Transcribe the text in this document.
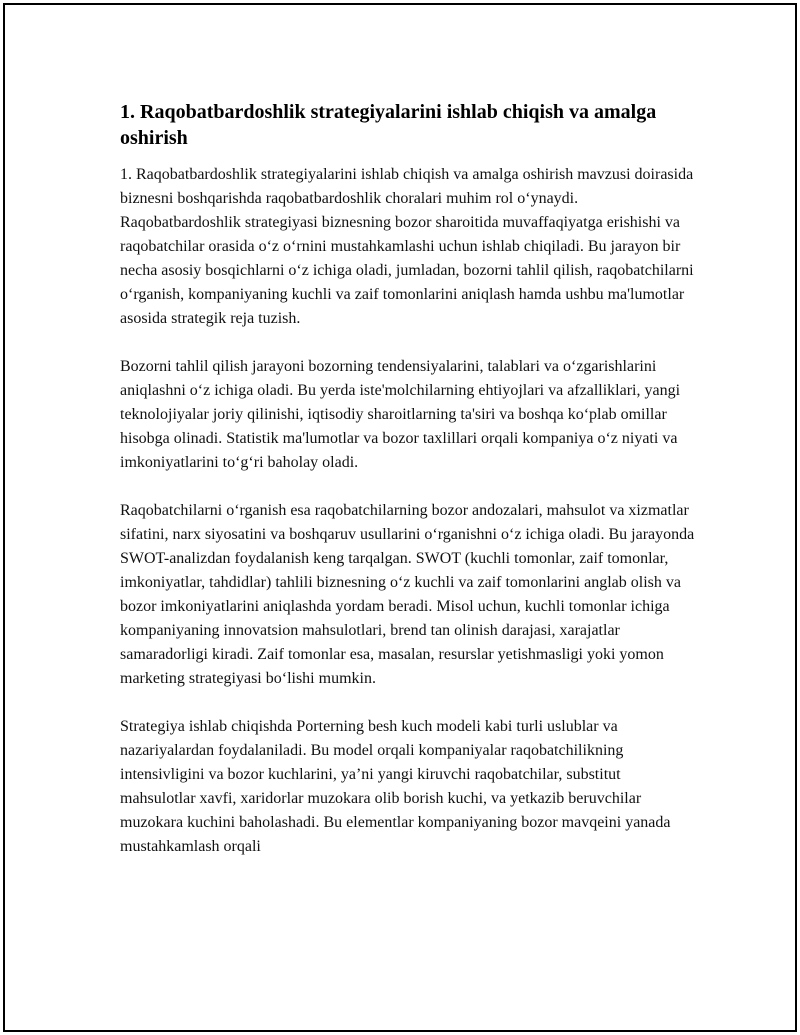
1. Raqobatbardoshlik strategiyalarini ishlab chiqish va amalga oshirish

1. Raqobatbardoshlik strategiyalarini ishlab chiqish va amalga oshirish mavzusi doirasida biznesni boshqarishda raqobatbardoshlik choralari muhim rol o‘ynaydi. Raqobatbardoshlik strategiyasi biznesning bozor sharoitida muvaffaqiyatga erishishi va raqobatchilar orasida o‘z o‘rnini mustahkamlashi uchun ishlab chiqiladi. Bu jarayon bir necha asosiy bosqichlarni o‘z ichiga oladi, jumladan, bozorni tahlil qilish, raqobatchilarni o‘rganish, kompaniyaning kuchli va zaif tomonlarini aniqlash hamda ushbu ma'lumotlar asosida strategik reja tuzish.

Bozorni tahlil qilish jarayoni bozorning tendensiyalarini, talablari va o‘zgarishlarini aniqlashni o‘z ichiga oladi. Bu yerda iste'molchilarning ehtiyojlari va afzalliklari, yangi teknolojiyalar joriy qilinishi, iqtisodiy sharoitlarning ta'siri va boshqa ko‘plab omillar hisobga olinadi. Statistik ma'lumotlar va bozor taxlillari orqali kompaniya o‘z niyati va imkoniyatlarini to‘g‘ri baholay oladi.

Raqobatchilarni o‘rganish esa raqobatchilarning bozor andozalari, mahsulot va xizmatlar sifatini, narx siyosatini va boshqaruv usullarini o‘rganishni o‘z ichiga oladi. Bu jarayonda SWOT-analizdan foydalanish keng tarqalgan. SWOT (kuchli tomonlar, zaif tomonlar, imkoniyatlar, tahdidlar) tahlili biznesning o‘z kuchli va zaif tomonlarini anglab olish va bozor imkoniyatlarini aniqlashda yordam beradi. Misol uchun, kuchli tomonlar ichiga kompaniyaning innovatsion mahsulotlari, brend tan olinish darajasi, xarajatlar samaradorligi kiradi. Zaif tomonlar esa, masalan, resurslar yetishmasligi yoki yomon marketing strategiyasi bo‘lishi mumkin.

Strategiya ishlab chiqishda Porterning besh kuch modeli kabi turli uslublar va nazariyalardan foydalaniladi. Bu model orqali kompaniyalar raqobatchilikning intensivligini va bozor kuchlarini, ya’ni yangi kiruvchi raqobatchilar, substitut mahsulotlar xavfi, xaridorlar muzokara olib borish kuchi, va yetkazib beruvchilar muzokara kuchini baholashadi. Bu elementlar kompaniyaning bozor mavqeini yanada mustahkamlash orqali
